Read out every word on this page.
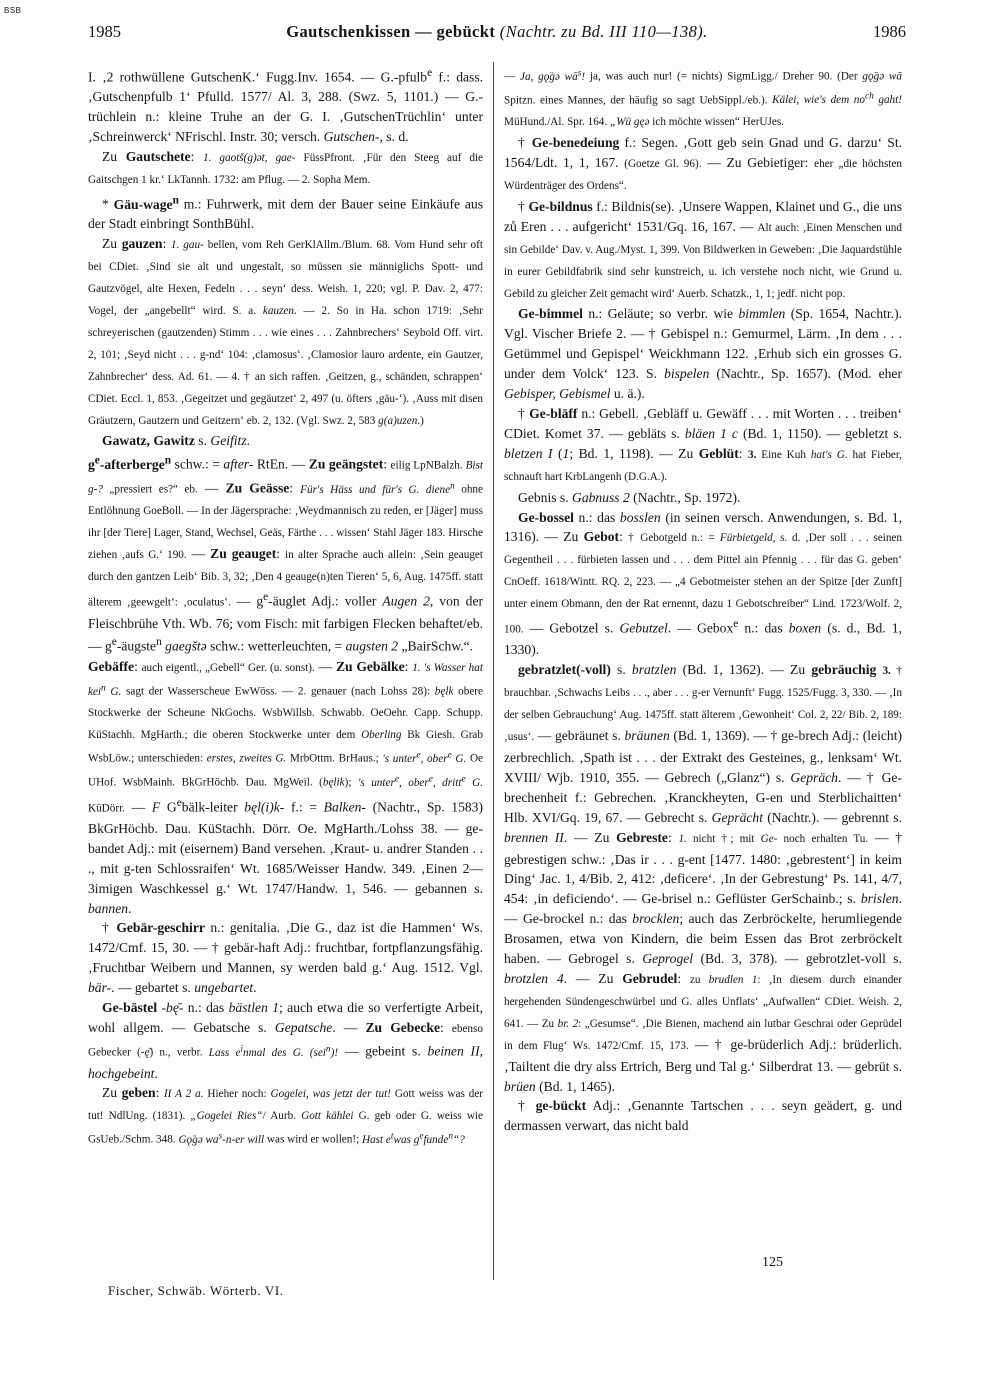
BSB
1985	Gautschenkissen — gebückt (Nachtr. zu Bd. III 110—138).	1986

I. ‚2 rothwüllene GutschenK.‘ Fugg.Inv. 1654. — G.-pfulb$^e$ f.: dass. ‚Gutschenpfulb 1‘ Pfulld. 1577/ Al. 3, 288. (Swz. 5, 1101.) — G.-trüchlein n.: kleine Truhe an der G. I. ‚GutschenTrüchlin‘ unter ‚Schreinwerck‘ NFrischl. Instr. 30; versch. Gutschen-, s. d.

Zu Gautschete: 1. gaotš(g)ət, gae- FüssPfront. ‚Für den Steeg auf die Gaitschgen 1 kr.‘ LkTannh. 1732: am Pflug. — 2. Sopha Mem.

* Gäu-wage$^n$ m.: Fuhrwerk, mit dem der Bauer seine Einkäufe aus der Stadt einbringt SonthBühl.

Zu gauzen: 1. gau- bellen, vom Reh GerKlAllm./Blum. 68. Vom Hund sehr oft bei CDiet. ‚Sind sie alt und ungestalt, so müssen sie männiglichs Spott- und Gautzvögel, alte Hexen, Fedeln . . . seyn‘ dess. Weish. 1, 220; vgl. P. Dav. 2, 477: Vogel, der „angebellt“ wird. S. a. kauzen. — 2. So in Ha. schon 1719: ‚Sehr schreyerischen (gautzenden) Stimm . . . wie eines . . . Zahnbrechers‘ Seybold Off. virt. 2, 101; ‚Seyd nicht . . . g-nd‘ 104: ‚clamosus‘. ‚Clamosior lauro ardente, ein Gautzer, Zahnbrecher‘ dess. Ad. 61. — 4. † an sich raffen. ‚Geitzen, g., schänden, schrappen‘ CDiet. Eccl. 1, 853. ‚Gegeitzet und gegäutzet‘ 2, 497 (u. öfters ‚gäu-‘). ‚Auss mit disen Gräutzern, Gautzern und Geitzern‘ eb. 2, 132. (Vgl. Swz. 2, 583 g(a)uzen.)

Gawatz, Gawitz s. Geifitz.

$g^e-afterberge^n$ schw.: = after- RtEn. — Zu geängstet: eilig LpNBalzh. Bist g-? „pressiert es?“ eb. — Zu Geässe: Für's Häss und für's G. diene$^n$ ohne Entlöhnung GoeBoll. — In der Jägersprache: ‚Weydmannisch zu reden, er [Jäger] muss ihr [der Tiere] Lager, Stand, Wechsel, Geäs, Färthe . . . wissen‘ Stahl Jäger 183. Hirsche ziehen ‚aufs G.‘ 190. — Zu geauget: in alter Sprache auch allein: ‚Sein geauget durch den gantzen Leib‘ Bib. 3, 32; ‚Den 4 geauge(n)ten Tieren‘ 5, 6, Aug. 1475ff. statt älterem ‚geewgelt‘: ‚oculatus‘. — $g^e$-äuglet Adj.: voller Augen 2, von der Fleischbrühe Vth. Wb. 76; vom Fisch: mit farbigen Flecken behaftet/eb. — $g^e-äugste^n$ gaegštə schw.: wetterleuchten, = augsten 2 „BairSchw.“.

Gebäffe: auch eigentl., „Gebell“ Ger. (u. sonst). — Zu Gebälke: 1. 's Wasser hat kei$^n$ G. sagt der Wasserscheue EwWöss. — 2. genauer (nach Lohss 28): bęlk obere Stockwerke der Scheune NkGochs. WsbWillsb. Schwabb. OeOehr. Capp. Schupp. KüStachh. MgHarth.; die oberen Stockwerke unter dem Oberling Bk Giesh. Grab WsbLöw.; unterschieden: erstes, zweites G. MrbOttm. BrHaus.; 's unter$^e$, ober$^e$ G. Oe UHof. WsbMainh. BkGrHöchb. Dau. MgWeil. (bęlik); 's unter$^e$, ober$^e$, dritt$^e$ G. KüDörr. — F $G^ebälk$-leiter bęl(i)k- f.: = Balken- (Nachtr., Sp. 1583) BkGrHöchb. Dau. KüStachh. Dörr. Oe. MgHarth./Lohss 38. — ge-bandet Adj.: mit (eisernem) Band versehen. ‚Kraut- u. andrer Standen . . ., mit g-ten Schlossraifen‘ Wt. 1685/Weisser Handw. 349. ‚Einen 2—3imigen Waschkessel g.‘ Wt. 1747/Handw. 1, 546. — gebannen s. bannen.

† Gebär-geschirr n.: genitalia. ‚Die G., daz ist die Hammen‘ Ws. 1472/Cmf. 15, 30. — † gebär-haft Adj.: fruchtbar, fortpflanzungsfähig. ‚Fruchtbar Weibern und Mannen, sy werden bald g.‘ Aug. 1512. Vgl. bär-. — gebartet s. ungebartet.

Ge-bästel -bę̄- n.: das bästlen 1; auch etwa die so verfertigte Arbeit, wohl allgem. — Gebatsche s. Gepatsche. — Zu Gebecke: ebenso Gebecker (-ę̄) n., verbr. Lass $e^inmal$ des G. (sei$^n$)! — gebeint s. beinen II, hochgebeint.

Zu geben: II A 2 a. Hieher noch: Gogelei, was jetzt der tut! Gott weiss was der tut! NdlUng. (1831). „Gogelei Ries“/ Aurb. Gott kählei G. geb oder G. weiss wie GsUeb./Schm. 348. Gǫ̈gə $wa^s-n-er$ will was wird er wollen!; Hast $e^twas$ $g^efunde^n“$?

— Ja, gǫ̈gə $wā^s$! ja, was auch nur! (= nichts) SigmLigg./ Dreher 90. (Der gǫ̈gə wā Spitzn. eines Mannes, der häufig so sagt UebSippl./eb.). Kälei, wie's dem $no^{ch}$ gaht! MüHund./Al. Spr. 164. „Wü gęə ich möchte wissen“ HerUJes.

† Ge-benedeiung f.: Segen. ‚Gott geb sein Gnad und G. darzu‘ St. 1564/Ldt. 1, 1, 167. (Goetze Gl. 96). — Zu Gebietiger: eher „die höchsten Würdenträger des Ordens“.

† Ge-bildnus f.: Bildnis(se). ‚Unsere Wappen, Klainet und G., die uns zů Eren . . . aufgericht‘ 1531/Gq. 16, 167. — Alt auch: ‚Einen Menschen und sin Gebilde‘ Dav. v. Aug./Myst. 1, 399. Von Bildwerken in Geweben: ‚Die Jaquardstühle in eurer Gebildfabrik sind sehr kunstreich, u. ich verstehe noch nicht, wie Grund u. Gebild zu gleicher Zeit gemacht wird‘ Auerb. Schatzk., 1, 1; jedf. nicht pop.

Ge-bimmel n.: Geläute; so verbr. wie bimmlen (Sp. 1654, Nachtr.). Vgl. Vischer Briefe 2. — † Gebispel n.: Gemurmel, Lärm. ‚In dem . . . Getümmel und Gepispel‘ Weickhmann 122. ‚Erhub sich ein grosses G. under dem Volck‘ 123. S. bispelen (Nachtr., Sp. 1657). (Mod. eher Gebisper, Gebismel u. ä.).

† Ge-bläff n.: Gebell. ‚Gebläff u. Gewäff . . . mit Worten . . . treiben‘ CDiet. Komet 37. — gebläts s. bläen 1 c (Bd. 1, 1150). — gebletzt s. bletzen I (1; Bd. 1, 1198). — Zu Geblüt: 3. Eine Kuh hat's G. hat Fieber, schnauft hart KrbLangenh (D.G.A.).

Gebnis s. Gabnuss 2 (Nachtr., Sp. 1972).

Ge-bossel n.: das bosslen (in seinen versch. Anwendungen, s. Bd. 1, 1316). — Zu Gebot: † Gebotgeld n.: = Fürbietgeld, s. d. ‚Der soll . . . seinen Gegentheil . . . fürbieten lassen und . . . dem Pittel ain Pfennig . . . für das G. geben‘ CnOeff. 1618/Wintt. RQ. 2, 223. — „4 Gebotmeister stehen an der Spitze [der Zunft] unter einem Obmann, den der Rat ernennt, dazu 1 Gebotschreiber“ Lind. 1723/Wolf. 2, 100. — Gebotzel s. Gebutzel. — Gebox$^e$ n.: das boxen (s. d., Bd. 1, 1330).

gebratzlet(-voll) s. bratzlen (Bd. 1, 1362). — Zu gebräuchig 3. † brauchbar. ‚Schwachs Leibs . . ., aber . . . g-er Vernunft‘ Fugg. 1525/Fugg. 3, 330. — ‚In der selben Gebrauchung‘ Aug. 1475ff. statt älterem ‚Gewonheit‘ Col. 2, 22/ Bib. 2, 189: ‚usus‘. — gebräunet s. bräunen (Bd. 1, 1369). — † ge-brech Adj.: (leicht) zerbrechlich. ‚Spath ist . . . der Extrakt des Gesteines, g., lenksam‘ Wt. XVIII/ Wjb. 1910, 355. — Gebrech („Glanz“) s. Gepräch. — † Ge-brechenheit f.: Gebrechen. ‚Kranckheyten, G-en und Sterblichaitten‘ Hlb. XVI/Gq. 19, 67. — Gebrecht s. Geprächt (Nachtr.). — gebrennt s. brennen II. — Zu Gebreste: 1. nicht †; mit Ge- noch erhalten Tu. — † gebrestigen schw.: ‚Das ir . . . g-ent [1477. 1480: ‚gebrestent‘] in keim Ding‘ Jac. 1, 4/Bib. 2, 412: ‚deficere‘. ‚In der Gebrestung‘ Ps. 141, 4/7, 454: ‚in deficiendo‘. — Ge-brisel n.: Geflüster GerSchainb.; s. brislen. — Ge-brockel n.: das brocklen; auch das Zerbröckelte, herumliegende Brosamen, etwa von Kindern, die beim Essen das Brot zerbröckelt haben. — Gebrogel s. Geprogel (Bd. 3, 378). — gebrotzlet-voll s. brotzlen 4. — Zu Gebrudel: zu brudlen 1: ‚In diesem durch einander hergehenden Sündengeschwürbel und G. alles Unflats‘ „Aufwallen“ CDiet. Weish. 2, 641. — Zu br. 2: „Gesumse“. ‚Die Bienen, machend ain lutbar Geschrai oder Geprüdel in dem Flug‘ Ws. 1472/Cmf. 15, 173. — † ge-brüderlich Adj.: brüderlich. ‚Tailtent die dry alss Ertrich, Berg und Tal g.‘ Silberdrat 13. — gebrüt s. brüen (Bd. 1, 1465).

† ge-bückt Adj.: ‚Genannte Tartschen . . . seyn geädert, g. und dermassen verwart, das nicht bald

Fischer, Schwäb. Wörterb. VI.
125
